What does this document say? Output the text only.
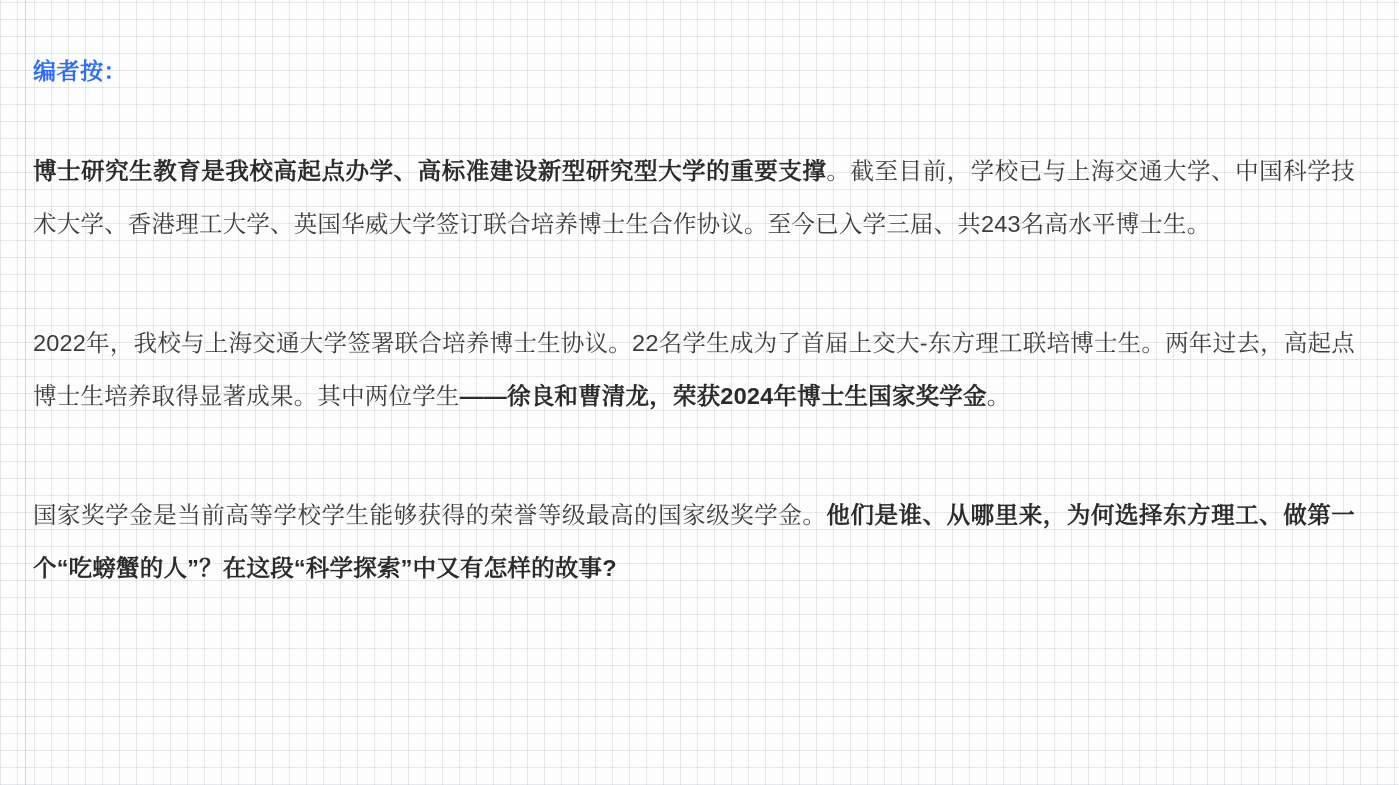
编者按：

博士研究生教育是我校高起点办学、高标准建设新型研究型大学的重要支撑。截至目前，学校已与上海交通大学、中国科学技术大学、香港理工大学、英国华威大学签订联合培养博士生合作协议。至今已入学三届、共243名高水平博士生。

2022年，我校与上海交通大学签署联合培养博士生协议。22名学生成为了首届上交大-东方理工联培博士生。两年过去，高起点博士生培养取得显著成果。其中两位学生——徐良和曹清龙，荣获2024年博士生国家奖学金。

国家奖学金是当前高等学校学生能够获得的荣誉等级最高的国家级奖学金。他们是谁、从哪里来，为何选择东方理工、做第一个“吃螃蟹的人”？在这段“科学探索”中又有怎样的故事?
